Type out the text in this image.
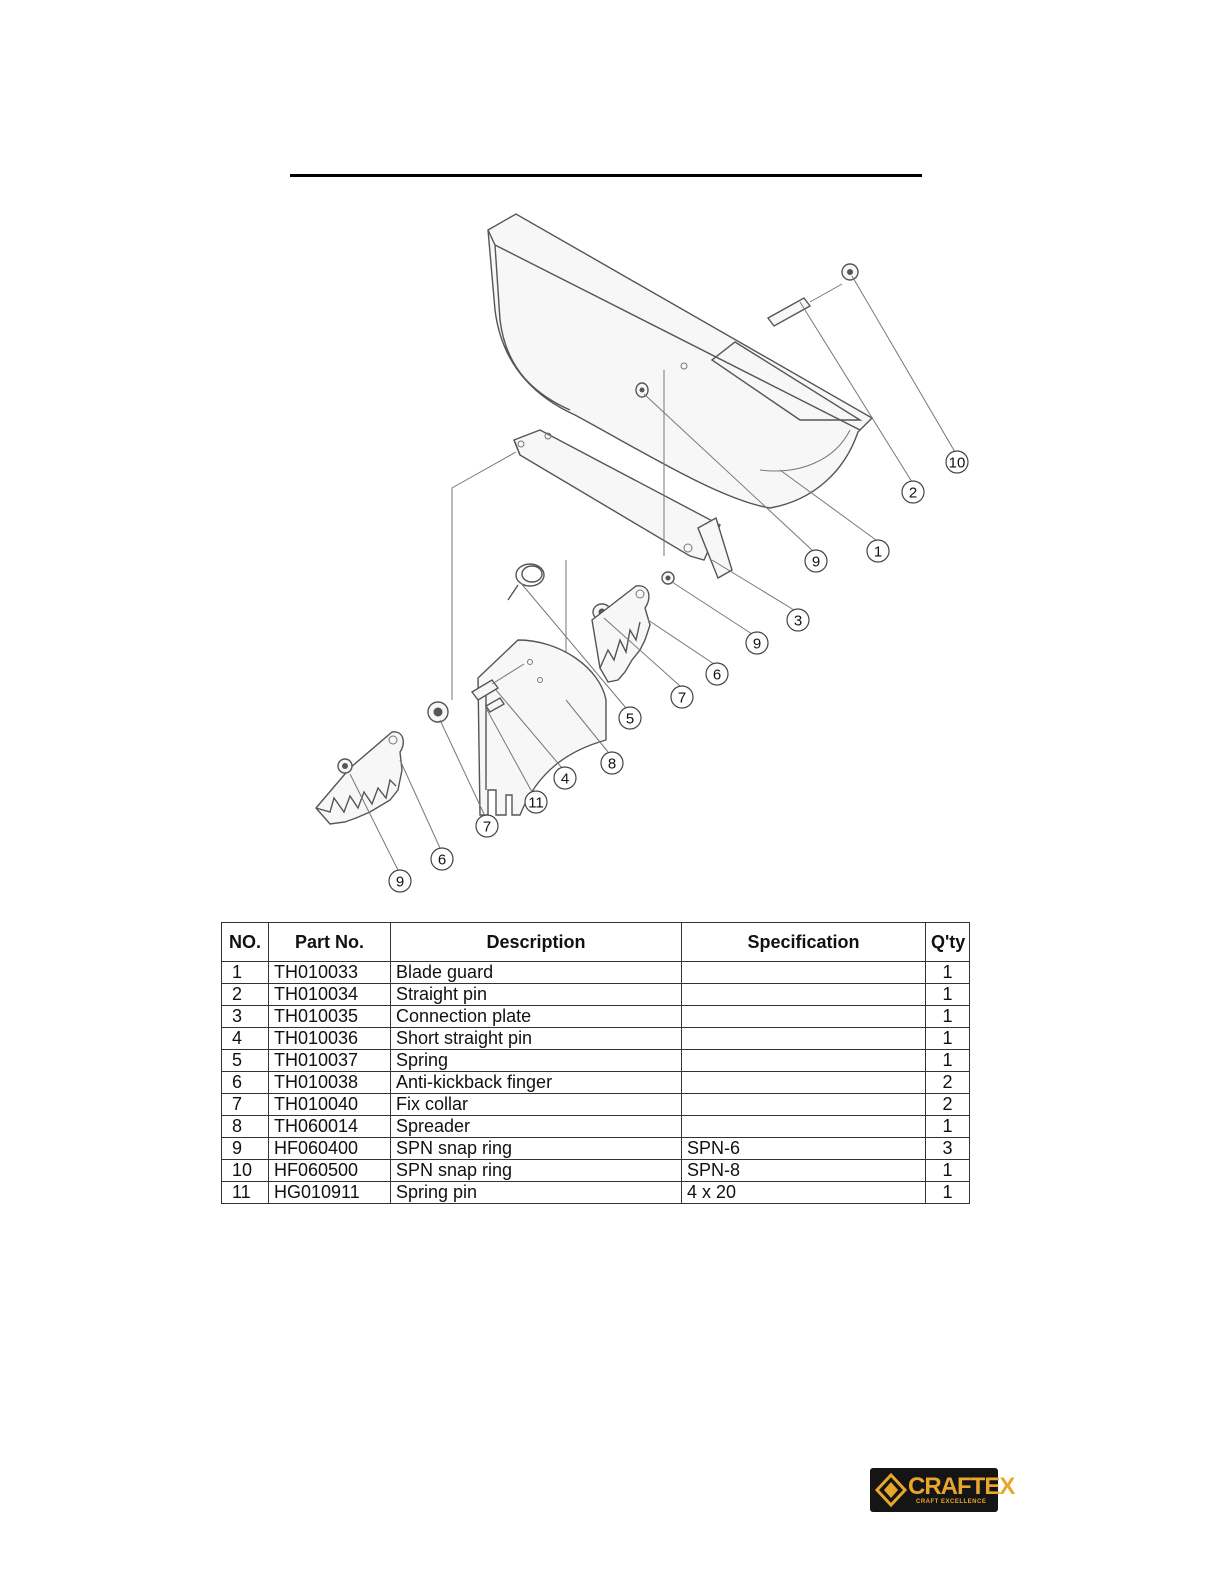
10
2
1
9
3
9
6
7
5
8
4
11
7
6
9
NO.	Part No.	Description	Specification	Q'ty
1	TH010033	Blade guard		1
2	TH010034	Straight pin		1
3	TH010035	Connection plate		1
4	TH010036	Short straight pin		1
5	TH010037	Spring		1
6	TH010038	Anti-kickback finger		2
7	TH010040	Fix collar		2
8	TH060014	Spreader		1
9	HF060400	SPN snap ring	SPN-6	3
10	HF060500	SPN snap ring	SPN-8	1
11	HG010911	Spring pin	4 x 20	1
CRAFTEX
CRAFT EXCELLENCE
